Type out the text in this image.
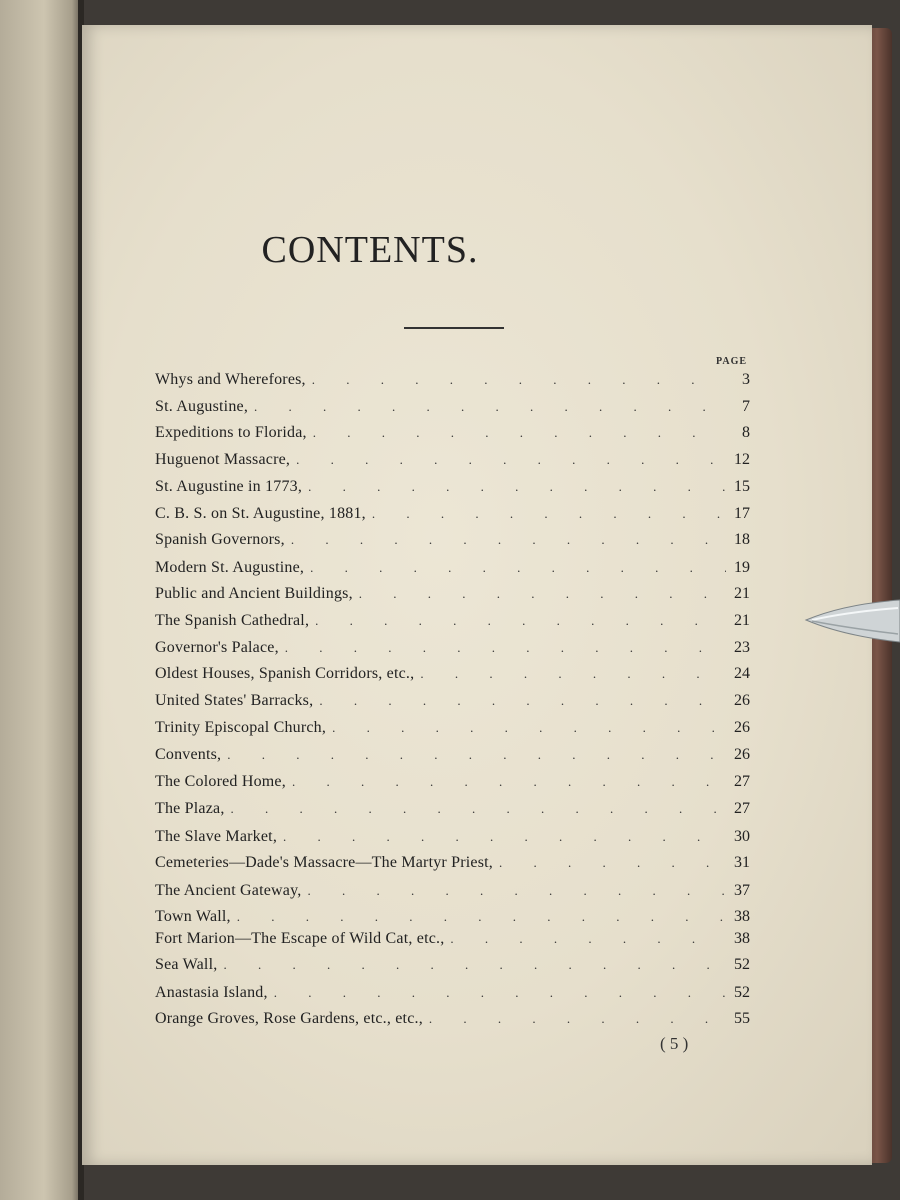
CONTENTS.
PAGE
Whys and Wherefores, . . .	3
St. Augustine, . . .	7
Expeditions to Florida, . . .	8
Huguenot Massacre, . . .	12
St. Augustine in 1773, . . .	15
C. B. S. on St. Augustine, 1881, . . .	17
Spanish Governors, . . .	18
Modern St. Augustine, . . .	19
Public and Ancient Buildings, . . .	21
The Spanish Cathedral, . . .	21
Governor's Palace, . . .	23
Oldest Houses, Spanish Corridors, etc., . . .	24
United States' Barracks, . . .	26
Trinity Episcopal Church, . . .	26
Convents, . . .	26
The Colored Home, . . .	27
The Plaza, . . .	27
The Slave Market, . . .	30
Cemeteries—Dade's Massacre—The Martyr Priest, . . .	31
The Ancient Gateway, . . .	37
Town Wall, . . .	38
Fort Marion—The Escape of Wild Cat, etc., . . .	38
Sea Wall, . . .	52
Anastasia Island, . . .	52
Orange Groves, Rose Gardens, etc., etc., . . .	55
( 5 )
